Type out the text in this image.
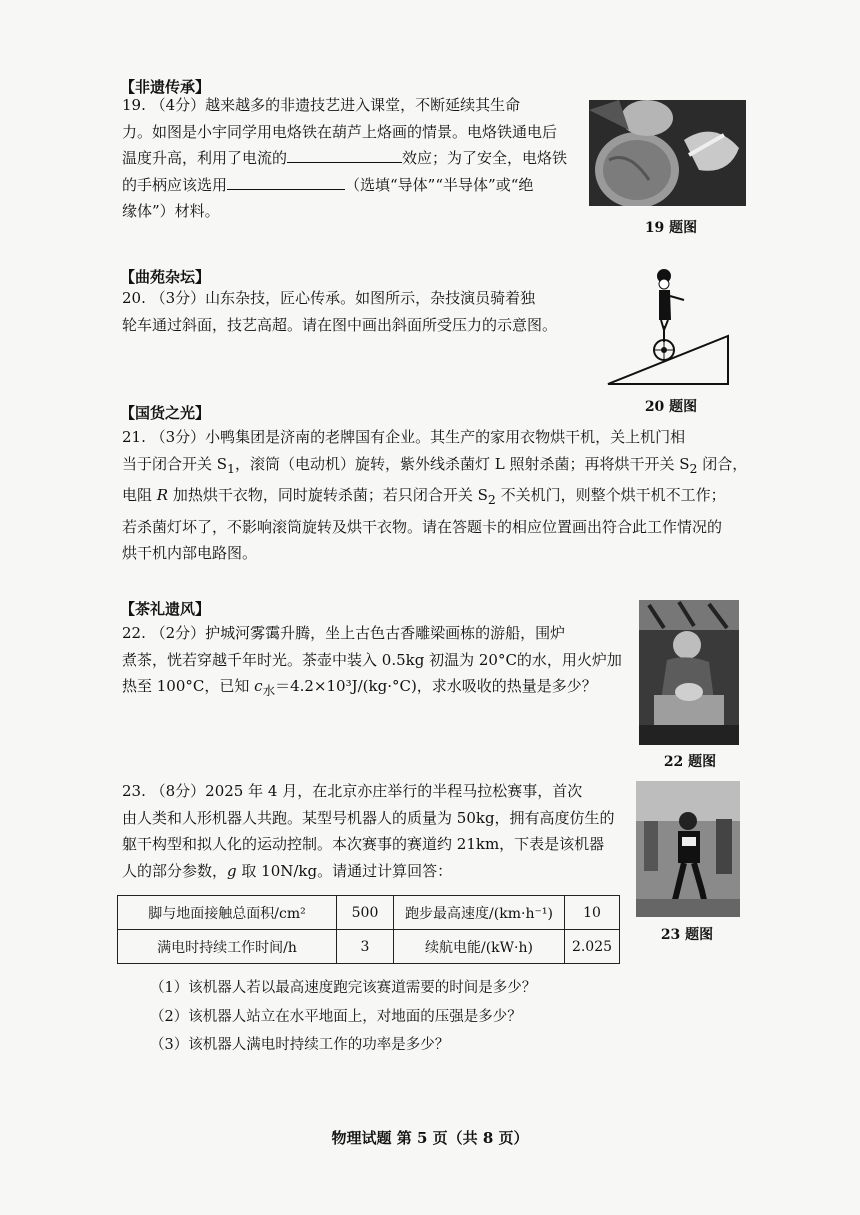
【非遗传承】
19. （4分）越来越多的非遗技艺进入课堂，不断延续其生命
力。如图是小宇同学用电烙铁在葫芦上烙画的情景。电烙铁通电后
温度升高，利用了电流的	效应；为了安全，电烙铁
的手柄应该选用	（选填“导体”“半导体”或“绝
缘体”）材料。
19 题图
【曲苑杂坛】
20. （3分）山东杂技，匠心传承。如图所示，杂技演员骑着独
轮车通过斜面，技艺高超。请在图中画出斜面所受压力的示意图。
20 题图
【国货之光】
21. （3分）小鸭集团是济南的老牌国有企业。其生产的家用衣物烘干机，关上机门相
当于闭合开关 $S_1$，滚筒（电动机）旋转，紫外线杀菌灯 L 照射杀菌；再将烘干开关 $S_2$ 闭合，
电阻 R 加热烘干衣物，同时旋转杀菌；若只闭合开关 $S_2$ 不关机门，则整个烘干机不工作；
若杀菌灯坏了，不影响滚筒旋转及烘干衣物。请在答题卡的相应位置画出符合此工作情况的
烘干机内部电路图。
【茶礼遗风】
22. （2分）护城河雾霭升腾，坐上古色古香雕梁画栋的游船，围炉
煮茶，恍若穿越千年时光。茶壶中装入 0.5kg 初温为 20°C的水，用火炉加
热至 100°C，已知 $c_水=4.2\times 10^3J/(kg\cdot^\circ C)$，求水吸收的热量是多少？
22 题图
23. （8分）2025 年 4 月，在北京亦庄举行的半程马拉松赛事，首次
由人类和人形机器人共跑。某型号机器人的质量为 50kg，拥有高度仿生的
躯干构型和拟人化的运动控制。本次赛事的赛道约 21km，下表是该机器
人的部分参数，g 取 10N/kg。请通过计算回答：
23 题图
脚与地面接触总面积/cm²	500	跑步最高速度/(km·h⁻¹)	10
满电时持续工作时间/h	3	续航电能/(kW·h)	2.025
（1）该机器人若以最高速度跑完该赛道需要的时间是多少？
（2）该机器人站立在水平地面上，对地面的压强是多少？
（3）该机器人满电时持续工作的功率是多少？
物理试题 第 5 页（共 8 页）
